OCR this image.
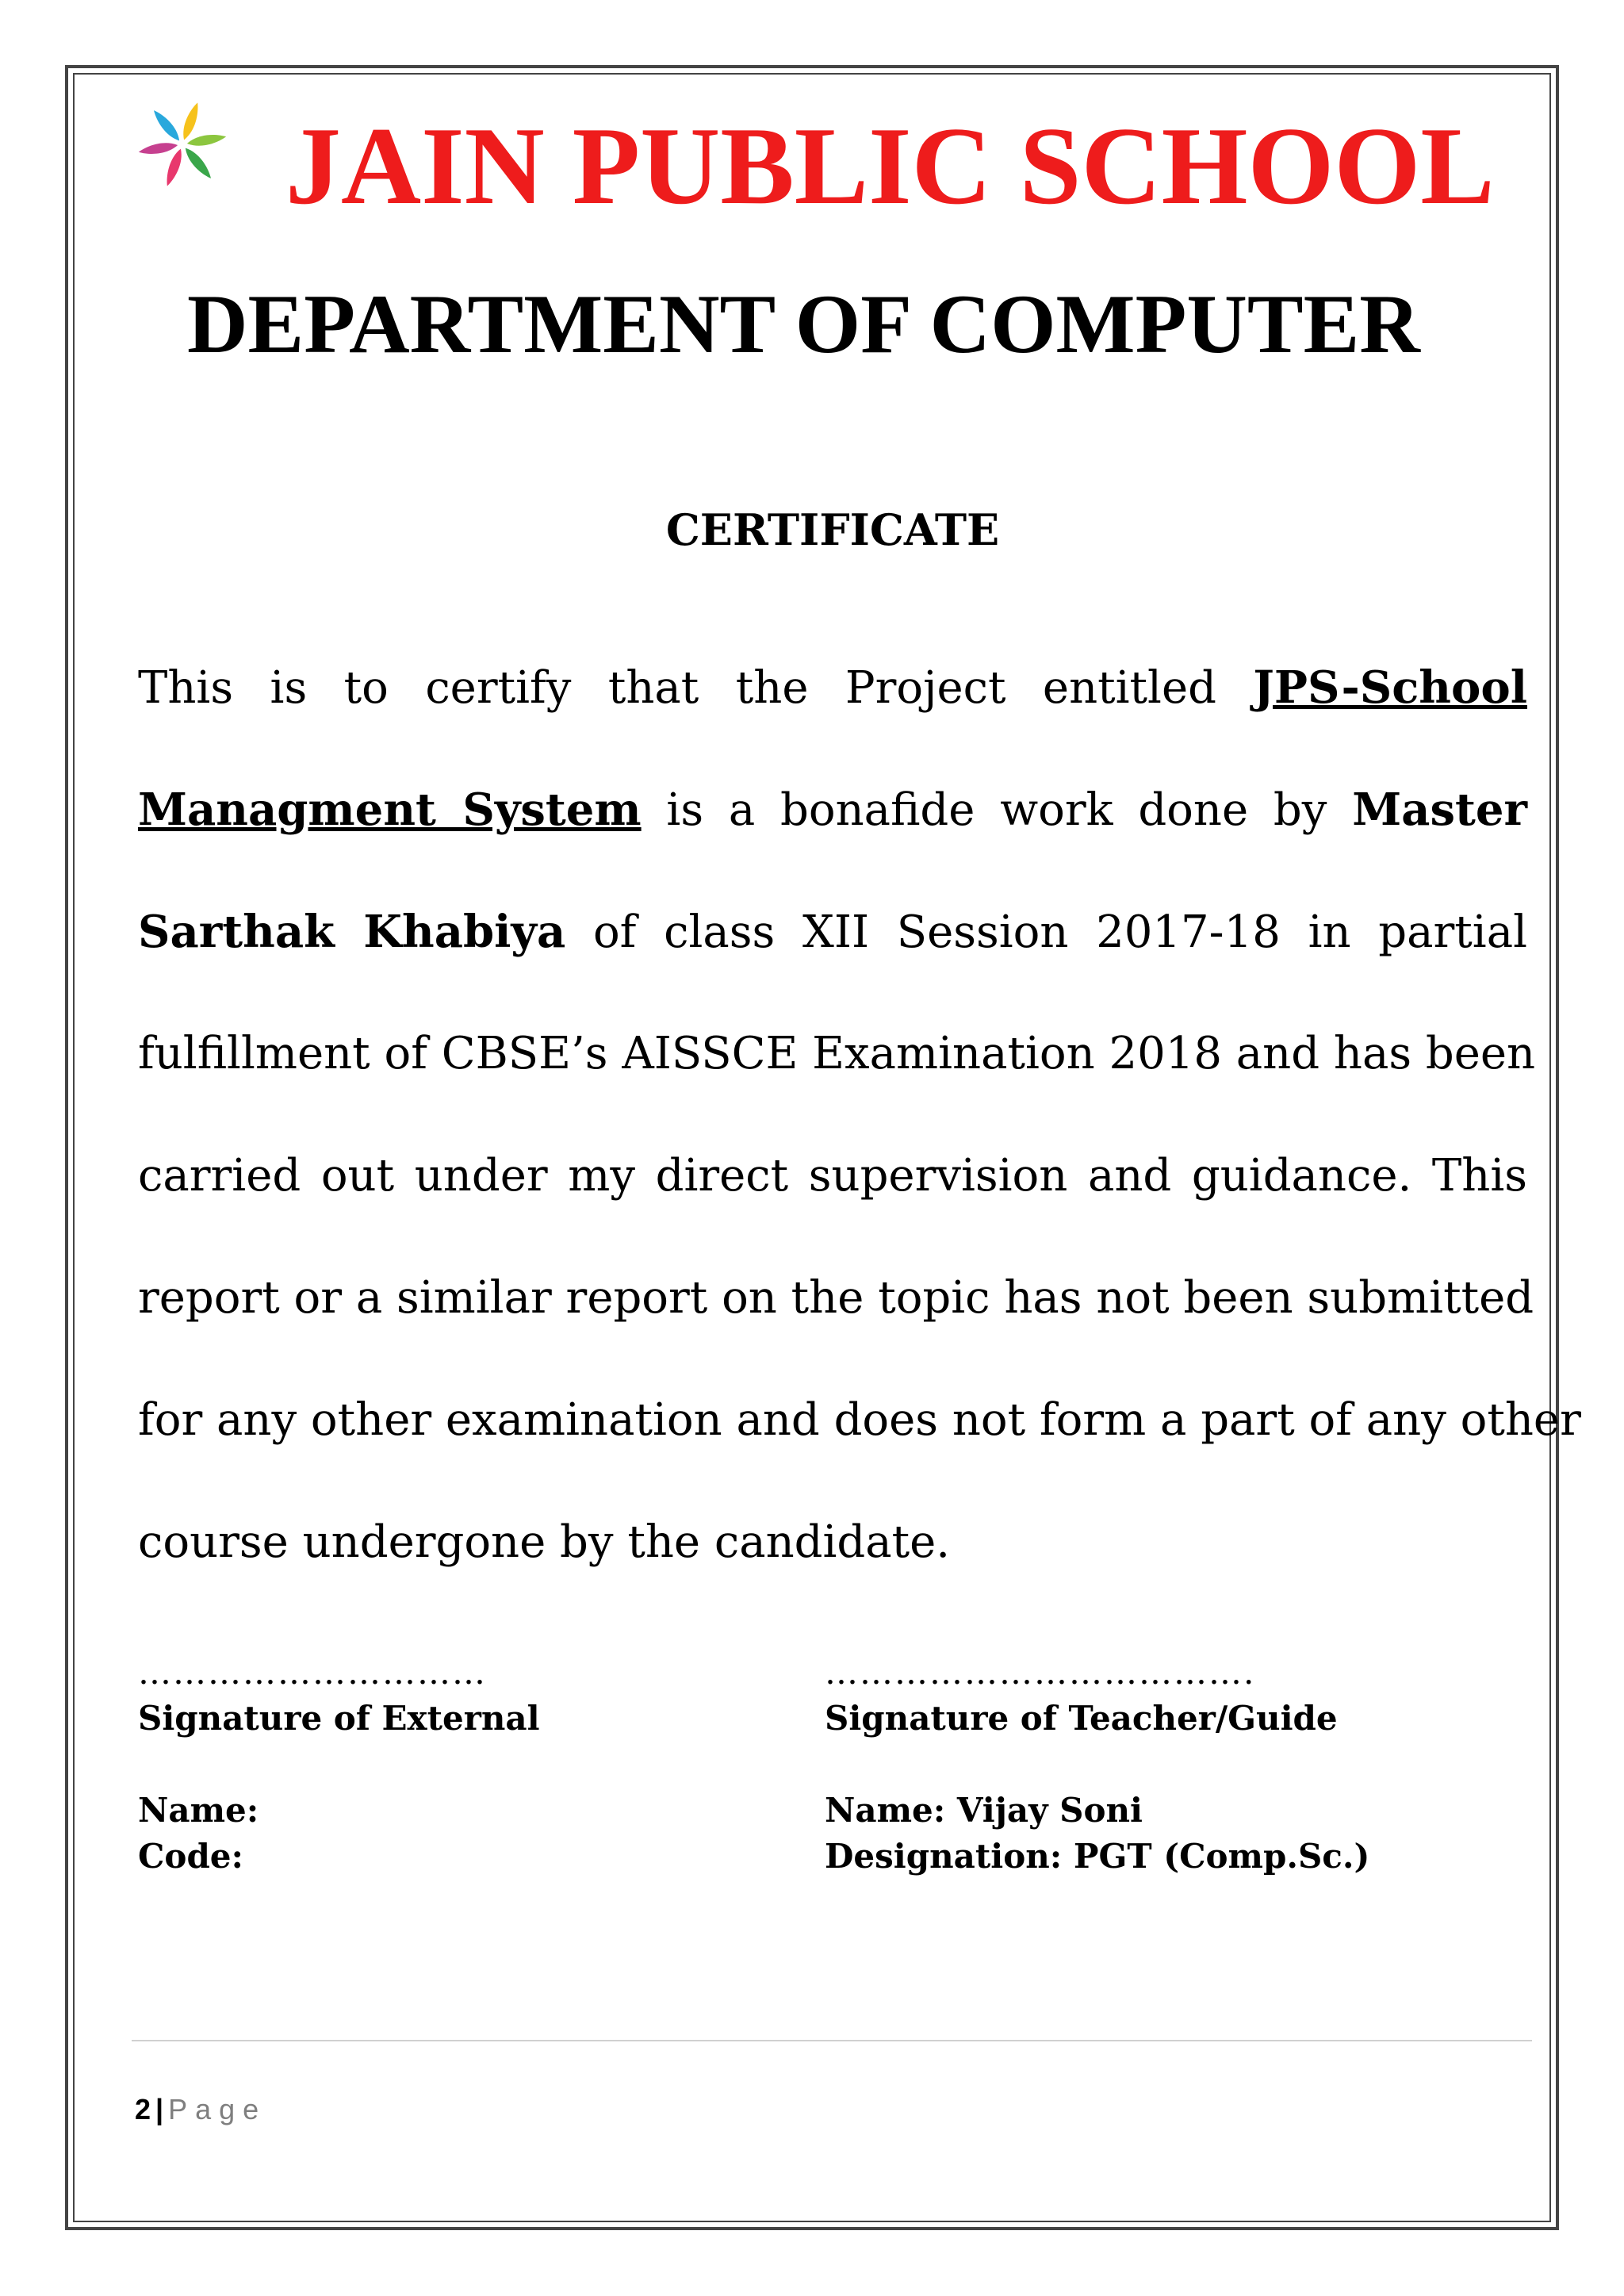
JAIN PUBLIC SCHOOL
DEPARTMENT OF COMPUTER
CERTIFICATE
This is to certify that the Project entitled JPS-School
Managment System is a bonafide work done by Master
Sarthak Khabiya of class XII Session 2017-18 in partial
fulfillment of CBSE’s AISSCE Examination 2018 and has been
carried out under my direct supervision and guidance. This
report or a similar report on the topic has not been submitted
for any other examination and does not form a part of any other
course undergone by the candidate.
…………………………
Signature of External
Name:
Code:
……………………………….
Signature of Teacher/Guide
Name: Vijay Soni
Designation: PGT (Comp.Sc.)
2 | Page
